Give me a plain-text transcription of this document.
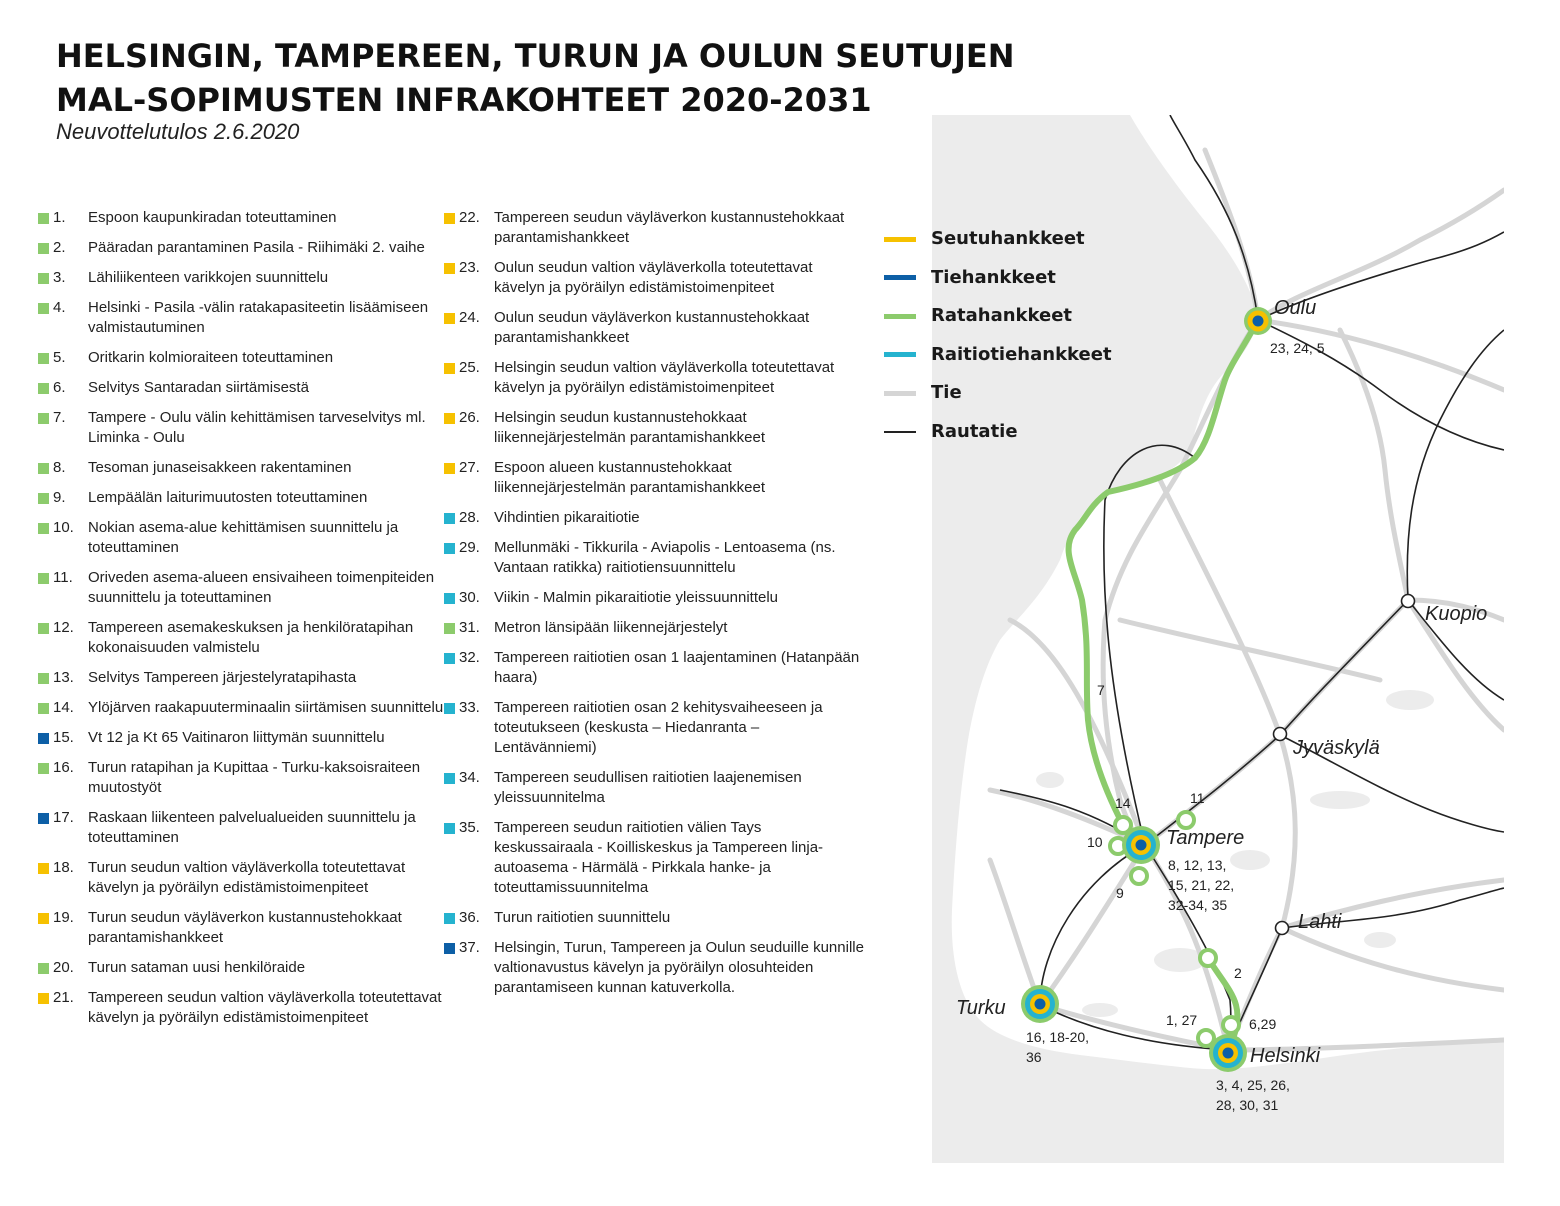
HELSINGIN, TAMPEREEN, TURUN JA OULUN SEUTUJEN
MAL-SOPIMUSTEN INFRAKOHTEET 2020-2031

Neuvottelutulos 2.6.2020

1. Espoon kaupunkiradan toteuttaminen
2. Pääradan parantaminen Pasila - Riihimäki 2. vaihe
3. Lähiliikenteen varikkojen suunnittelu
4. Helsinki - Pasila -välin ratakapasiteetin lisäämiseen valmistautuminen
5. Oritkarin kolmioraiteen toteuttaminen
6. Selvitys Santaradan siirtämisestä
7. Tampere - Oulu välin kehittämisen tarveselvitys ml. Liminka - Oulu
8. Tesoman junaseisakkeen rakentaminen
9. Lempäälän laiturimuutosten toteuttaminen
10. Nokian asema-alue kehittämisen suunnittelu ja toteuttaminen
11. Oriveden asema-alueen ensivaiheen toimenpiteiden suunnittelu ja toteuttaminen
12. Tampereen asemakeskuksen ja henkilöratapihan kokonaisuuden valmistelu
13. Selvitys Tampereen järjestelyratapihasta
14. Ylöjärven raakapuuterminaalin siirtämisen suunnittelu
15. Vt 12 ja Kt 65 Vaitinaron liittymän suunnittelu
16. Turun ratapihan ja Kupittaa - Turku-kaksoisraiteen muutostyöt
17. Raskaan liikenteen palvelualueiden suunnittelu ja toteuttaminen
18. Turun seudun valtion väyläverkolla toteutettavat kävelyn ja pyöräilyn edistämistoimenpiteet
19. Turun seudun väyläverkon kustannustehokkaat parantamishankkeet
20. Turun sataman uusi henkilöraide
21. Tampereen seudun valtion väyläverkolla toteutettavat kävelyn ja pyöräilyn edistämistoimenpiteet
22. Tampereen seudun väyläverkon kustannustehokkaat parantamishankkeet
23. Oulun seudun valtion väyläverkolla toteutettavat kävelyn ja pyöräilyn edistämistoimenpiteet
24. Oulun seudun väyläverkon kustannustehokkaat parantamishankkeet
25. Helsingin seudun valtion väyläverkolla toteutettavat kävelyn ja pyöräilyn edistämistoimenpiteet
26. Helsingin seudun kustannustehokkaat liikennejärjestelmän parantamishankkeet
27. Espoon alueen kustannustehokkaat liikennejärjestelmän parantamishankkeet
28. Vihdintien pikaraitiotie
29. Mellunmäki - Tikkurila - Aviapolis - Lentoasema (ns. Vantaan ratikka) raitiotiensuunnittelu
30. Viikin - Malmin pikaraitiotie yleissuunnittelu
31. Metron länsipään liikennejärjestelyt
32. Tampereen raitiotien osan 1 laajentaminen (Hatanpään haara)
33. Tampereen raitiotien osan 2 kehitysvaiheeseen ja toteutukseen (keskusta – Hiedanranta – Lentävänniemi)
34. Tampereen seudullisen raitiotien laajenemisen yleissuunnitelma
35. Tampereen seudun raitiotien välien Tays keskussairaala - Koilliskeskus ja Tampereen linja-autoasema - Härmälä - Pirkkala hanke- ja toteuttamissuunnitelma
36. Turun raitiotien suunnittelu
37. Helsingin, Turun, Tampereen ja Oulun seuduille kunnille valtionavustus kävelyn ja pyöräilyn olosuhteiden parantamiseen kunnan katuverkolla.
Seutuhankkeet
Tiehankkeet
Ratahankkeet
Raitiotiehankkeet
Tie
Rautatie
Oulu
Kuopio
Jyväskylä
Tampere
Lahti
Turku
Helsinki
23, 24, 5
8, 12, 13,
15, 21, 22,
32-34, 35
16, 18-20,
36
3, 4, 25, 26,
28, 30, 31
7
14	11
10
9
2
1, 27	6,29
